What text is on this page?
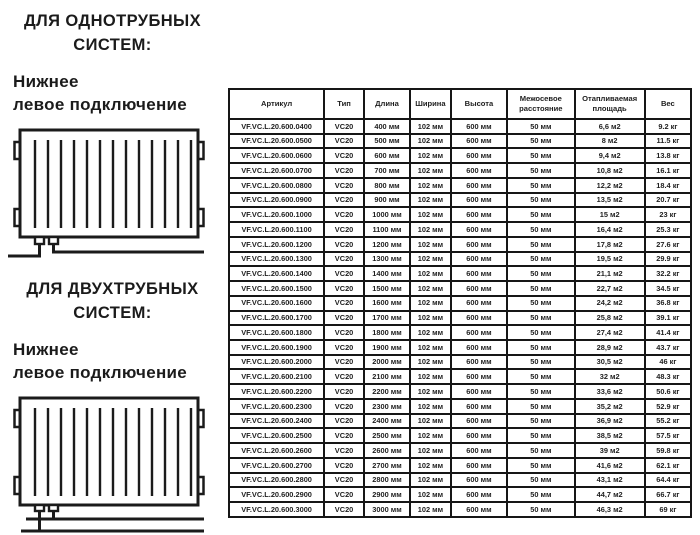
ДЛЯ ОДНОТРУБНЫХ
СИСТЕМ:
Нижнее
левое подключение
ДЛЯ ДВУХТРУБНЫХ
СИСТЕМ:
Нижнее
левое подключение
Артикул	Тип	Длина	Ширина	Высота	Межосевое расстояние	Отапливаемая площадь	Вес
VF.VC.L.20.600.0400	VC20	400 мм	102 мм	600 мм	50 мм	6,6 м2	9.2 кг
VF.VC.L.20.600.0500	VC20	500 мм	102 мм	600 мм	50 мм	8 м2	11.5 кг
VF.VC.L.20.600.0600	VC20	600 мм	102 мм	600 мм	50 мм	9,4 м2	13.8 кг
VF.VC.L.20.600.0700	VC20	700 мм	102 мм	600 мм	50 мм	10,8 м2	16.1 кг
VF.VC.L.20.600.0800	VC20	800 мм	102 мм	600 мм	50 мм	12,2 м2	18.4 кг
VF.VC.L.20.600.0900	VC20	900 мм	102 мм	600 мм	50 мм	13,5 м2	20.7 кг
VF.VC.L.20.600.1000	VC20	1000 мм	102 мм	600 мм	50 мм	15 м2	23 кг
VF.VC.L.20.600.1100	VC20	1100 мм	102 мм	600 мм	50 мм	16,4 м2	25.3 кг
VF.VC.L.20.600.1200	VC20	1200 мм	102 мм	600 мм	50 мм	17,8 м2	27.6 кг
VF.VC.L.20.600.1300	VC20	1300 мм	102 мм	600 мм	50 мм	19,5 м2	29.9 кг
VF.VC.L.20.600.1400	VC20	1400 мм	102 мм	600 мм	50 мм	21,1 м2	32.2 кг
VF.VC.L.20.600.1500	VC20	1500 мм	102 мм	600 мм	50 мм	22,7 м2	34.5 кг
VF.VC.L.20.600.1600	VC20	1600 мм	102 мм	600 мм	50 мм	24,2 м2	36.8 кг
VF.VC.L.20.600.1700	VC20	1700 мм	102 мм	600 мм	50 мм	25,8 м2	39.1 кг
VF.VC.L.20.600.1800	VC20	1800 мм	102 мм	600 мм	50 мм	27,4 м2	41.4 кг
VF.VC.L.20.600.1900	VC20	1900 мм	102 мм	600 мм	50 мм	28,9 м2	43.7 кг
VF.VC.L.20.600.2000	VC20	2000 мм	102 мм	600 мм	50 мм	30,5 м2	46 кг
VF.VC.L.20.600.2100	VC20	2100 мм	102 мм	600 мм	50 мм	32 м2	48.3 кг
VF.VC.L.20.600.2200	VC20	2200 мм	102 мм	600 мм	50 мм	33,6 м2	50.6 кг
VF.VC.L.20.600.2300	VC20	2300 мм	102 мм	600 мм	50 мм	35,2 м2	52.9 кг
VF.VC.L.20.600.2400	VC20	2400 мм	102 мм	600 мм	50 мм	36,9 м2	55.2 кг
VF.VC.L.20.600.2500	VC20	2500 мм	102 мм	600 мм	50 мм	38,5 м2	57.5 кг
VF.VC.L.20.600.2600	VC20	2600 мм	102 мм	600 мм	50 мм	39 м2	59.8 кг
VF.VC.L.20.600.2700	VC20	2700 мм	102 мм	600 мм	50 мм	41,6 м2	62.1 кг
VF.VC.L.20.600.2800	VC20	2800 мм	102 мм	600 мм	50 мм	43,1 м2	64.4 кг
VF.VC.L.20.600.2900	VC20	2900 мм	102 мм	600 мм	50 мм	44,7 м2	66.7 кг
VF.VC.L.20.600.3000	VC20	3000 мм	102 мм	600 мм	50 мм	46,3 м2	69 кг
